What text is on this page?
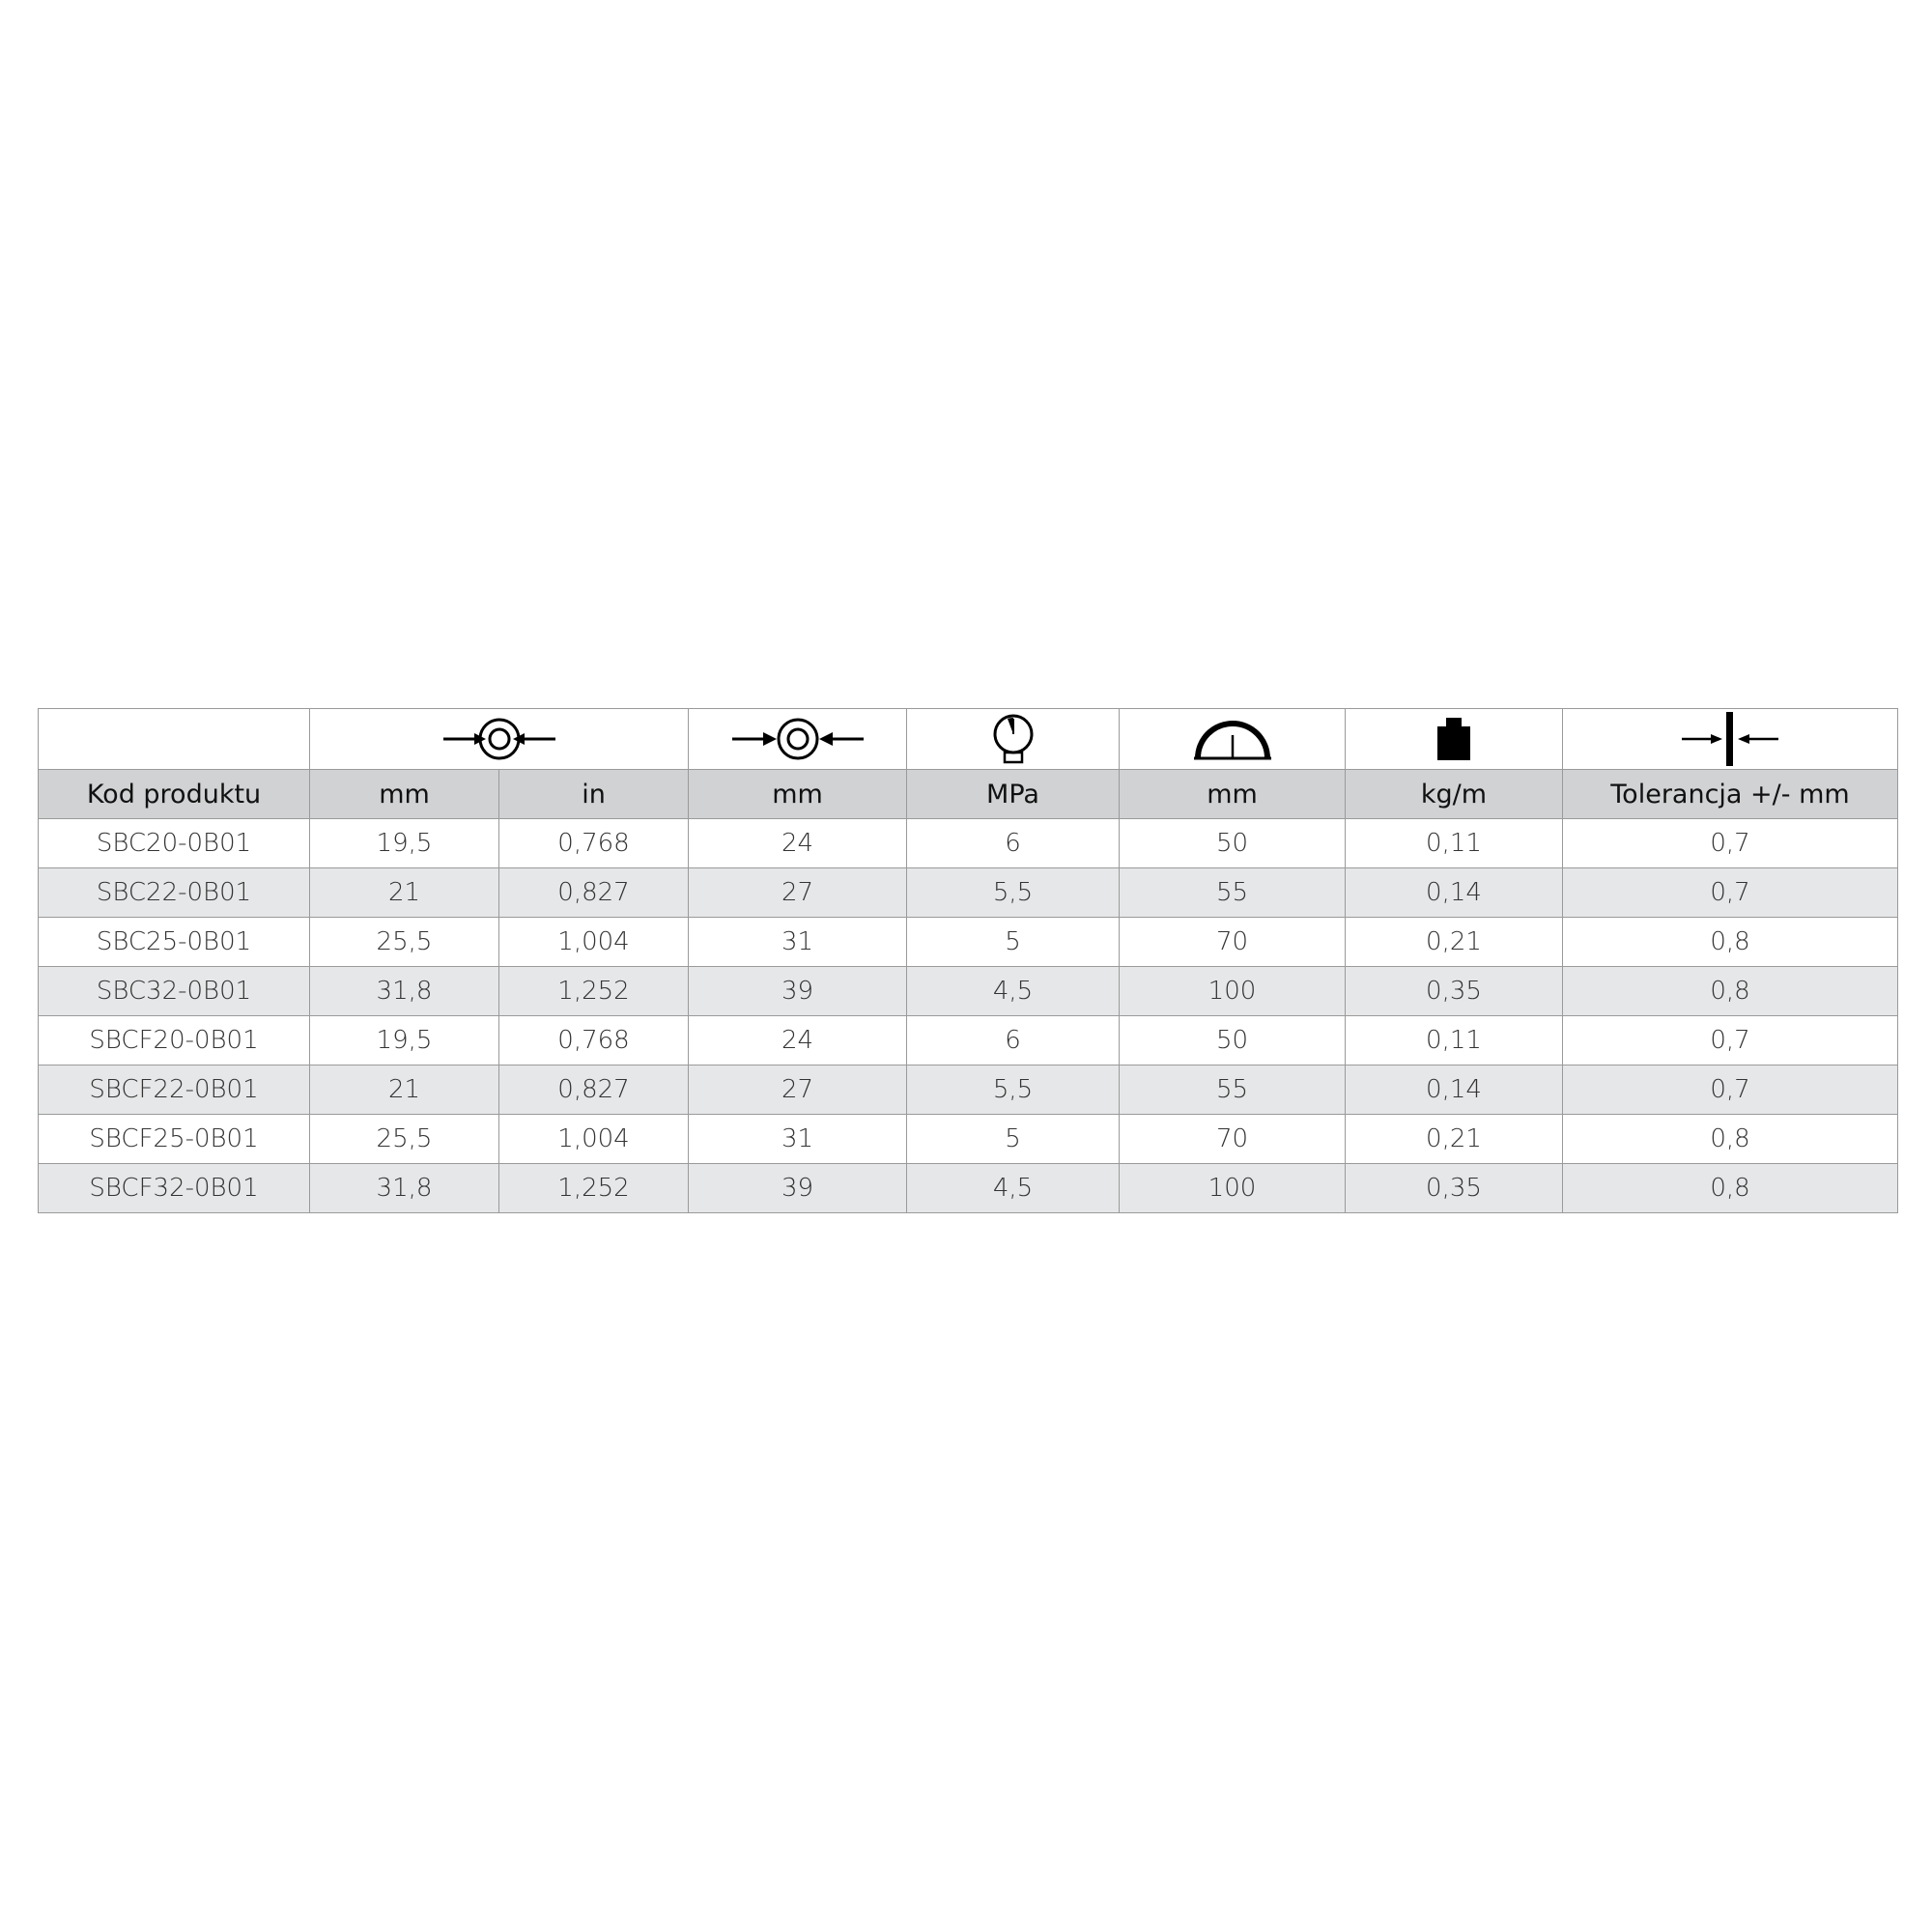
Kod produktu	mm	in	mm	MPa	mm	kg/m	Tolerancja +/- mm
SBC20-0B01	19,5	0,768	24	6	50	0,11	0,7
SBC22-0B01	21	0,827	27	5,5	55	0,14	0,7
SBC25-0B01	25,5	1,004	31	5	70	0,21	0,8
SBC32-0B01	31,8	1,252	39	4,5	100	0,35	0,8
SBCF20-0B01	19,5	0,768	24	6	50	0,11	0,7
SBCF22-0B01	21	0,827	27	5,5	55	0,14	0,7
SBCF25-0B01	25,5	1,004	31	5	70	0,21	0,8
SBCF32-0B01	31,8	1,252	39	4,5	100	0,35	0,8
